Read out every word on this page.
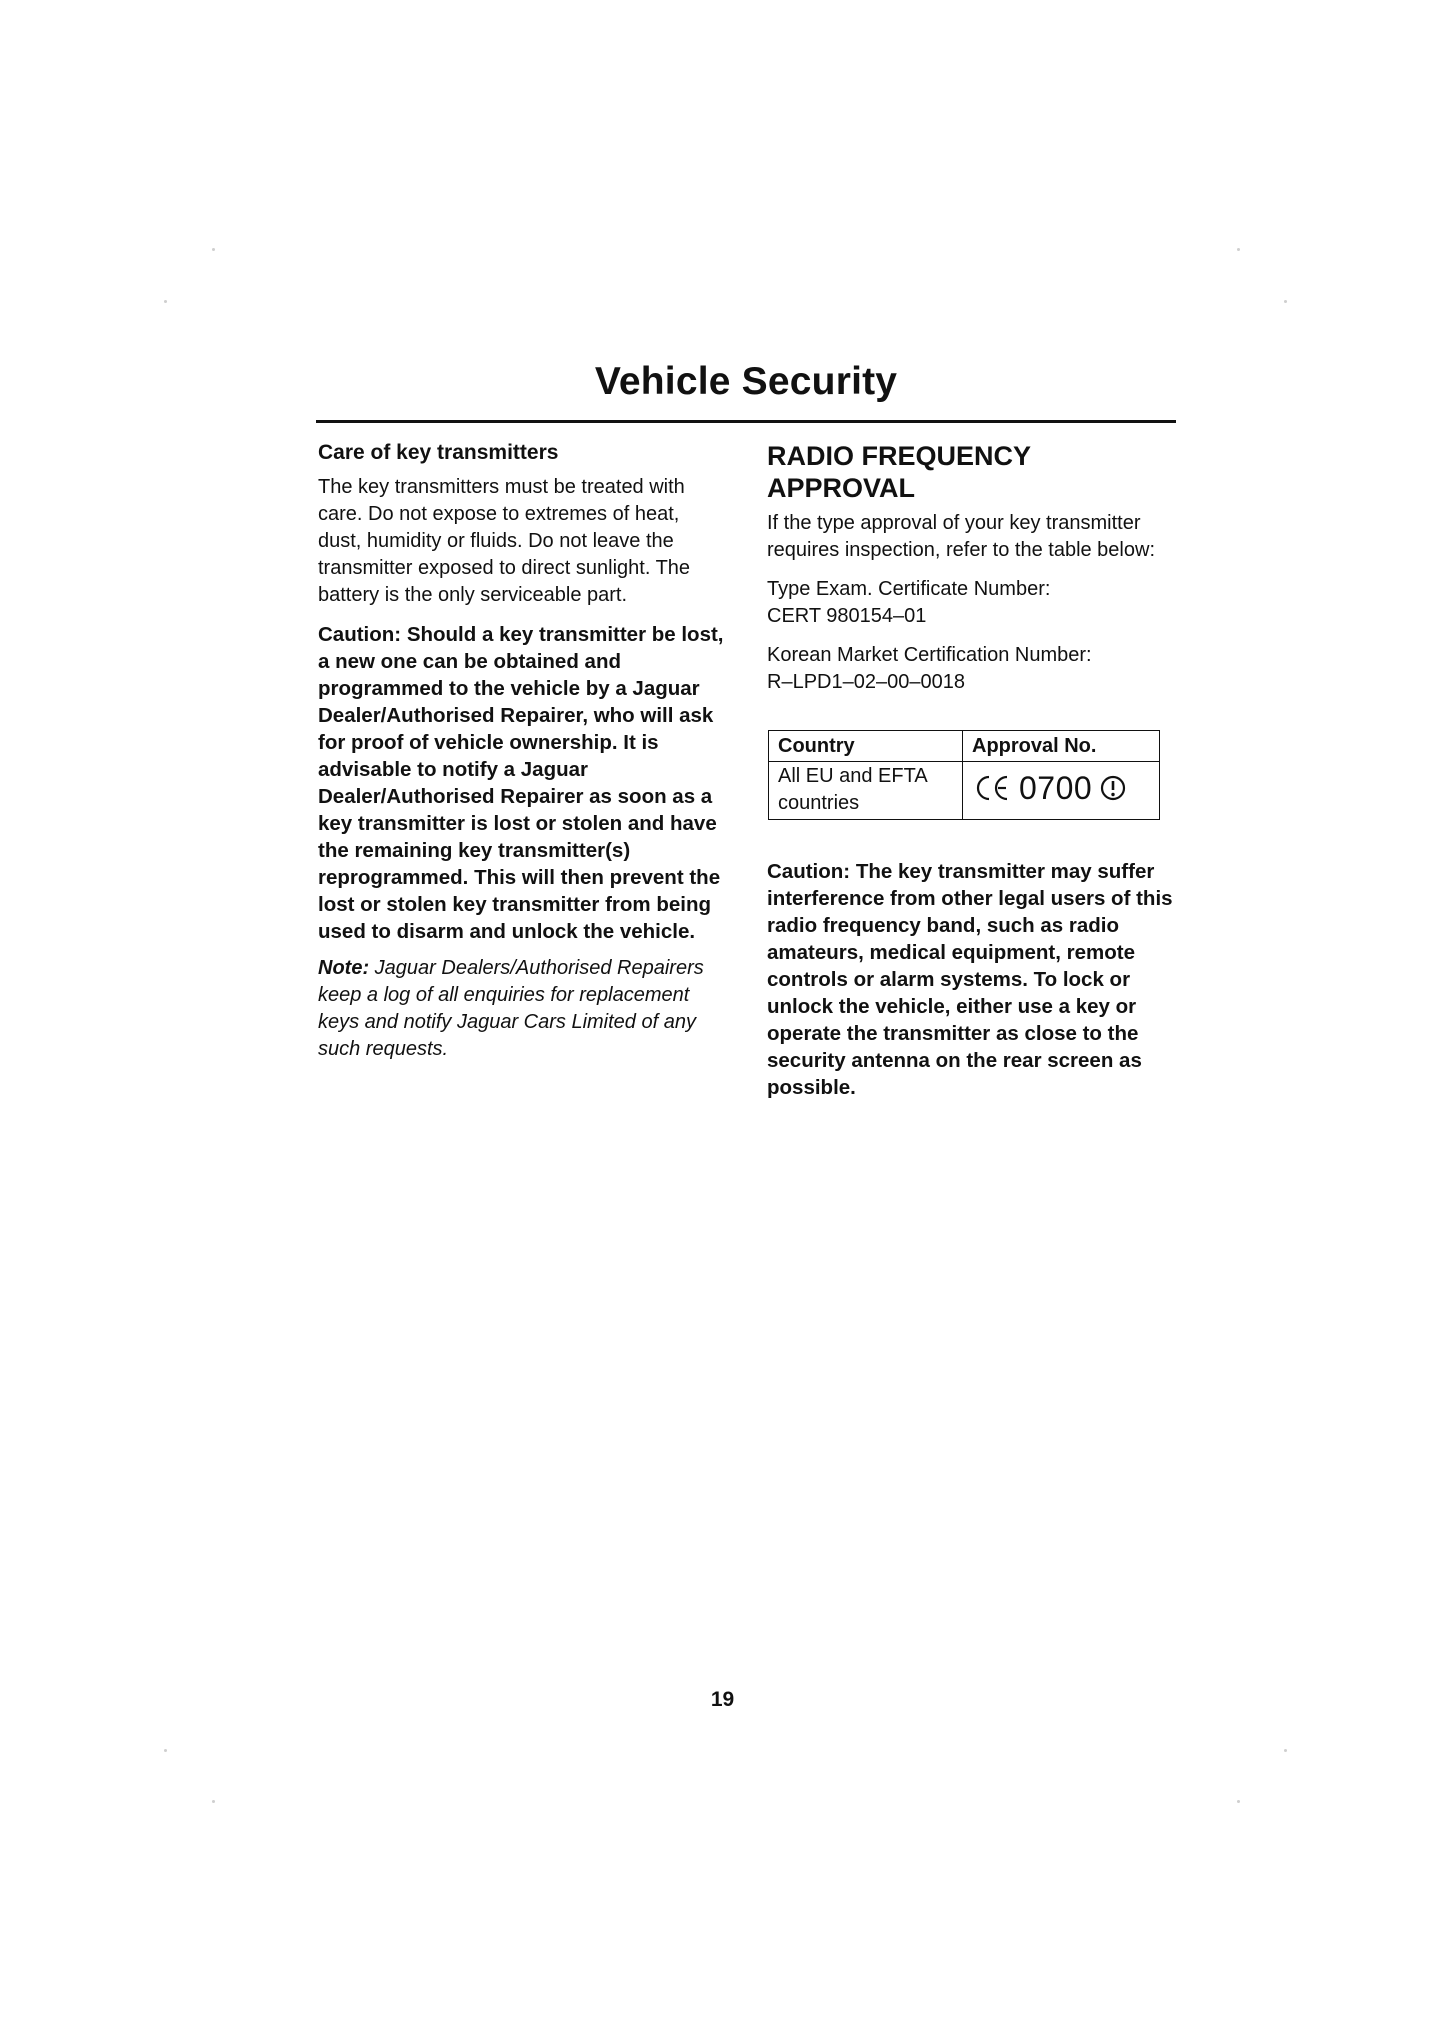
Vehicle Security
Care of key transmitters

The key transmitters must be treated with care. Do not expose to extremes of heat, dust, humidity or fluids. Do not leave the transmitter exposed to direct sunlight. The battery is the only serviceable part.

Caution: Should a key transmitter be lost, a new one can be obtained and programmed to the vehicle by a Jaguar Dealer/Authorised Repairer, who will ask for proof of vehicle ownership. It is advisable to notify a Jaguar Dealer/Authorised Repairer as soon as a key transmitter is lost or stolen and have the remaining key transmitter(s) reprogrammed. This will then prevent the lost or stolen key transmitter from being used to disarm and unlock the vehicle.

Note: Jaguar Dealers/Authorised Repairers keep a log of all enquiries for replacement keys and notify Jaguar Cars Limited of any such requests.

RADIO FREQUENCY APPROVAL

If the type approval of your key transmitter requires inspection, refer to the table below:

Type Exam. Certificate Number:
CERT 980154–01

Korean Market Certification Number:
R–LPD1–02–00–0018

Country	Approval No.
All EU and EFTA countries	0700

Caution: The key transmitter may suffer interference from other legal users of this radio frequency band, such as radio amateurs, medical equipment, remote controls or alarm systems. To lock or unlock the vehicle, either use a key or operate the transmitter as close to the security antenna on the rear screen as possible.

19
